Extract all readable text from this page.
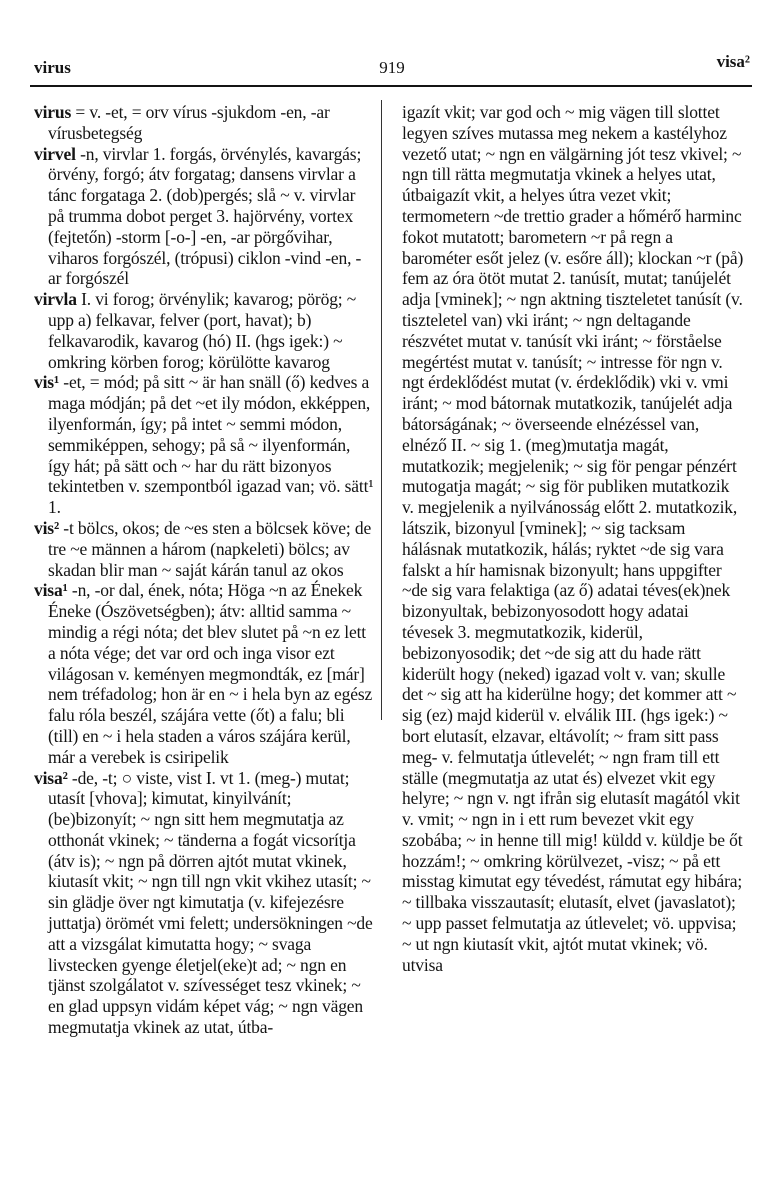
virus	919	visa²

virus = v. -et, = orv vírus -sjukdom -en, -ar vírusbetegség

virvel -n, virvlar 1. forgás, örvénylés, kavargás; örvény, forgó; átv forgatag; dansens virvlar a tánc forgataga 2. (dob)pergés; slå ~ v. virvlar på trumma dobot perget 3. hajörvény, vortex (fejtetőn) -storm [-o-] -en, -ar pörgővihar, viharos forgószél, (trópusi) ciklon -vind -en, -ar forgószél

virvla I. vi forog; örvénylik; kavarog; pörög; ~ upp a) felkavar, felver (port, havat); b) felkavarodik, kavarog (hó) II. (hgs igek:) ~ omkring körben forog; körülötte kavarog

vis¹ -et, = mód; på sitt ~ är han snäll (ő) kedves a maga módján; på det ~et ily módon, ekképpen, ilyenformán, így; på intet ~ semmi módon, semmiképpen, sehogy; på så ~ ilyenformán, így hát; på sätt och ~ har du rätt bizonyos tekintetben v. szempontból igazad van; vö. sätt¹ 1.

vis² -t bölcs, okos; de ~es sten a bölcsek köve; de tre ~e männen a három (napkeleti) bölcs; av skadan blir man ~ saját kárán tanul az okos

visa¹ -n, -or dal, ének, nóta; Höga ~n az Énekek Éneke (Ószövetségben); átv: alltid samma ~ mindig a régi nóta; det blev slutet på ~n ez lett a nóta vége; det var ord och inga visor ezt világosan v. keményen megmondták, ez [már] nem tréfadolog; hon är en ~ i hela byn az egész falu róla beszél, szájára vette (őt) a falu; bli (till) en ~ i hela staden a város szájára kerül, már a verebek is csiripelik

visa² -de, -t; ○ viste, vist I. vt 1. (meg-) mutat; utasít [vhova]; kimutat, kinyilvánít; (be)bizonyít; ~ ngn sitt hem megmutatja az otthonát vkinek; ~ tänderna a fogát vicsorítja (átv is); ~ ngn på dörren ajtót mutat vkinek, kiutasít vkit; ~ ngn till ngn vkit vkihez utasít; ~ sin glädje över ngt kimutatja (v. kifejezésre juttatja) örömét vmi felett; undersökningen ~de att a vizsgálat kimutatta hogy; ~ svaga livstecken gyenge életjel(eke)t ad; ~ ngn en tjänst szolgálatot v. szívességet tesz vkinek; ~ en glad uppsyn vidám képet vág; ~ ngn vägen megmutatja vkinek az utat, útba-

igazít vkit; var god och ~ mig vägen till slottet legyen szíves mutassa meg nekem a kastélyhoz vezető utat; ~ ngn en välgärning jót tesz vkivel; ~ ngn till rätta megmutatja vkinek a helyes utat, útbaigazít vkit, a helyes útra vezet vkit; termometern ~de trettio grader a hőmérő harminc fokot mutatott; barometern ~r på regn a barométer esőt jelez (v. esőre áll); klockan ~r (på) fem az óra ötöt mutat 2. tanúsít, mutat; tanújelét adja [vminek]; ~ ngn aktning tiszteletet tanúsít (v. tiszteletel van) vki iránt; ~ ngn deltagande részvétet mutat v. tanúsít vki iránt; ~ förståelse megértést mutat v. tanúsít; ~ intresse för ngn v. ngt érdeklődést mutat (v. érdeklődik) vki v. vmi iránt; ~ mod bátornak mutatkozik, tanújelét adja bátorságának; ~ överseende elnézéssel van, elnéző II. ~ sig 1. (meg)mutatja magát, mutatkozik; megjelenik; ~ sig för pengar pénzért mutogatja magát; ~ sig för publiken mutatkozik v. megjelenik a nyilvánosság előtt 2. mutatkozik, látszik, bizonyul [vminek]; ~ sig tacksam hálásnak mutatkozik, hálás; ryktet ~de sig vara falskt a hír hamisnak bizonyult; hans uppgifter ~de sig vara felaktiga (az ő) adatai téves(ek)nek bizonyultak, bebizonyosodott hogy adatai tévesek 3. megmutatkozik, kiderül, bebizonyosodik; det ~de sig att du hade rätt kiderült hogy (neked) igazad volt v. van; skulle det ~ sig att ha kiderülne hogy; det kommer att ~ sig (ez) majd kiderül v. elválik III. (hgs igek:) ~ bort elutasít, elzavar, eltávolít; ~ fram sitt pass meg- v. felmutatja útlevelét; ~ ngn fram till ett ställe (megmutatja az utat és) elvezet vkit egy helyre; ~ ngn v. ngt ifrån sig elutasít magától vkit v. vmit; ~ ngn in i ett rum bevezet vkit egy szobába; ~ in henne till mig! küldd v. küldje be őt hozzám!; ~ omkring körülvezet, -visz; ~ på ett misstag kimutat egy tévedést, rámutat egy hibára; ~ tillbaka visszautasít; elutasít, elvet (javaslatot); ~ upp passet felmutatja az útlevelet; vö. uppvisa; ~ ut ngn kiutasít vkit, ajtót mutat vkinek; vö. utvisa
